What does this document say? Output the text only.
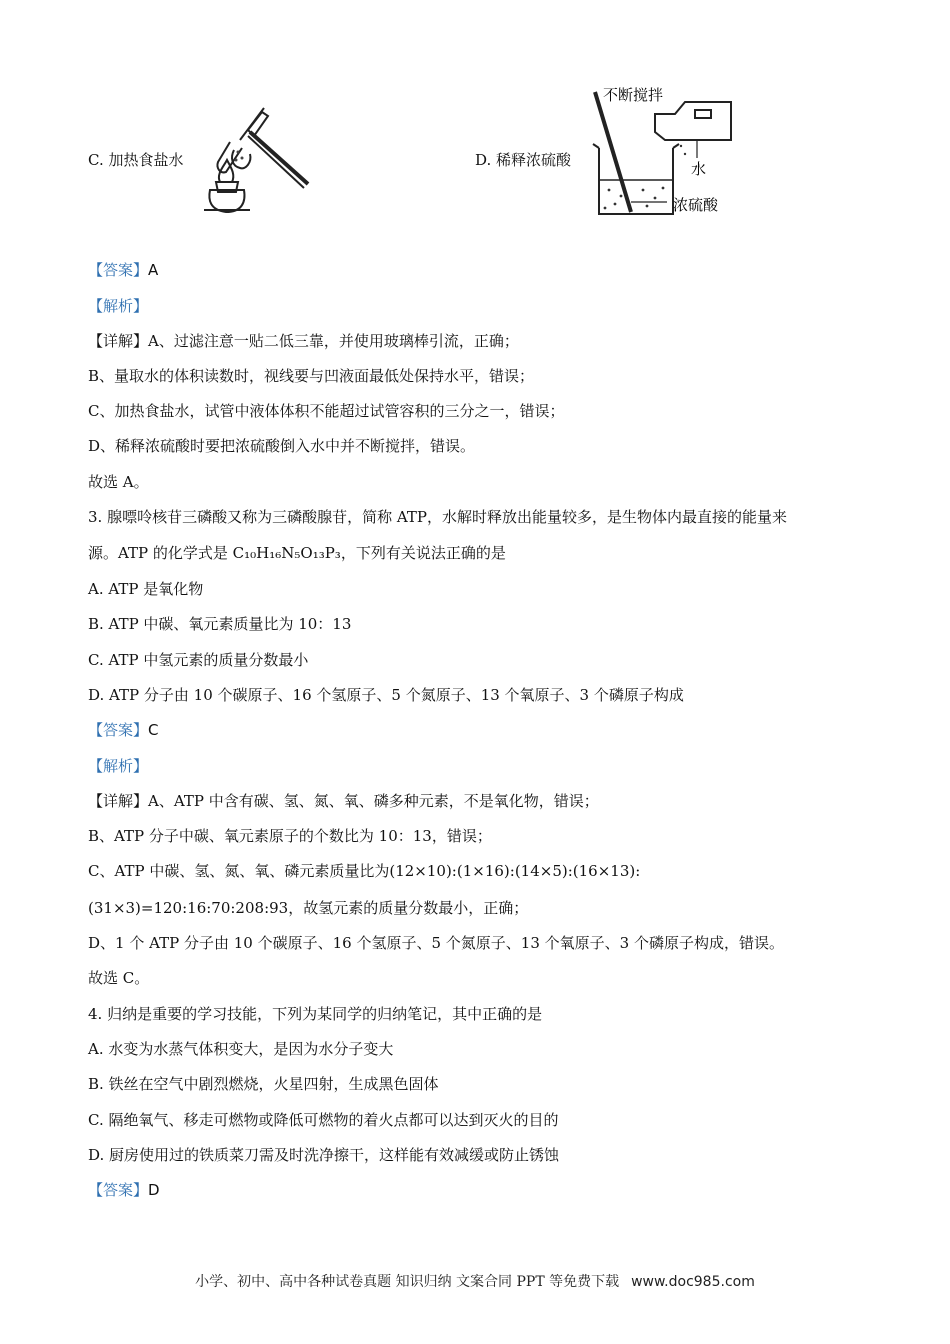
C. 加热食盐水	D. 稀释浓硫酸
不断搅拌
水
浓硫酸
【答案】A
【解析】
【详解】A、过滤注意一贴二低三靠，并使用玻璃棒引流，正确；
B、量取水的体积读数时，视线要与凹液面最低处保持水平，错误；
C、加热食盐水，试管中液体体积不能超过试管容积的三分之一，错误；
D、稀释浓硫酸时要把浓硫酸倒入水中并不断搅拌，错误。
故选 A。
3. 腺嘌呤核苷三磷酸又称为三磷酸腺苷，简称 ATP，水解时释放出能量较多，是生物体内最直接的能量来
源。ATP 的化学式是 C₁₀H₁₆N₅O₁₃P₃，下列有关说法正确的是
A. ATP 是氧化物
B. ATP 中碳、氧元素质量比为 10：13
C. ATP 中氢元素的质量分数最小
D. ATP 分子由 10 个碳原子、16 个氢原子、5 个氮原子、13 个氧原子、3 个磷原子构成
【答案】C
【解析】
【详解】A、ATP 中含有碳、氢、氮、氧、磷多种元素，不是氧化物，错误；
B、ATP 分子中碳、氧元素原子的个数比为 10：13，错误；
C、ATP 中碳、氢、氮、氧、磷元素质量比为(12×10):(1×16):(14×5):(16×13):
(31×3)=120:16:70:208:93，故氢元素的质量分数最小，正确；
D、1 个 ATP 分子由 10 个碳原子、16 个氢原子、5 个氮原子、13 个氧原子、3 个磷原子构成，错误。
故选 C。
4. 归纳是重要的学习技能，下列为某同学的归纳笔记，其中正确的是
A. 水变为水蒸气体积变大，是因为水分子变大
B. 铁丝在空气中剧烈燃烧，火星四射，生成黑色固体
C. 隔绝氧气、移走可燃物或降低可燃物的着火点都可以达到灭火的目的
D. 厨房使用过的铁质菜刀需及时洗净擦干，这样能有效减缓或防止锈蚀
【答案】D
小学、初中、高中各种试卷真题 知识归纳 文案合同 PPT 等免费下载 www.doc985.com
